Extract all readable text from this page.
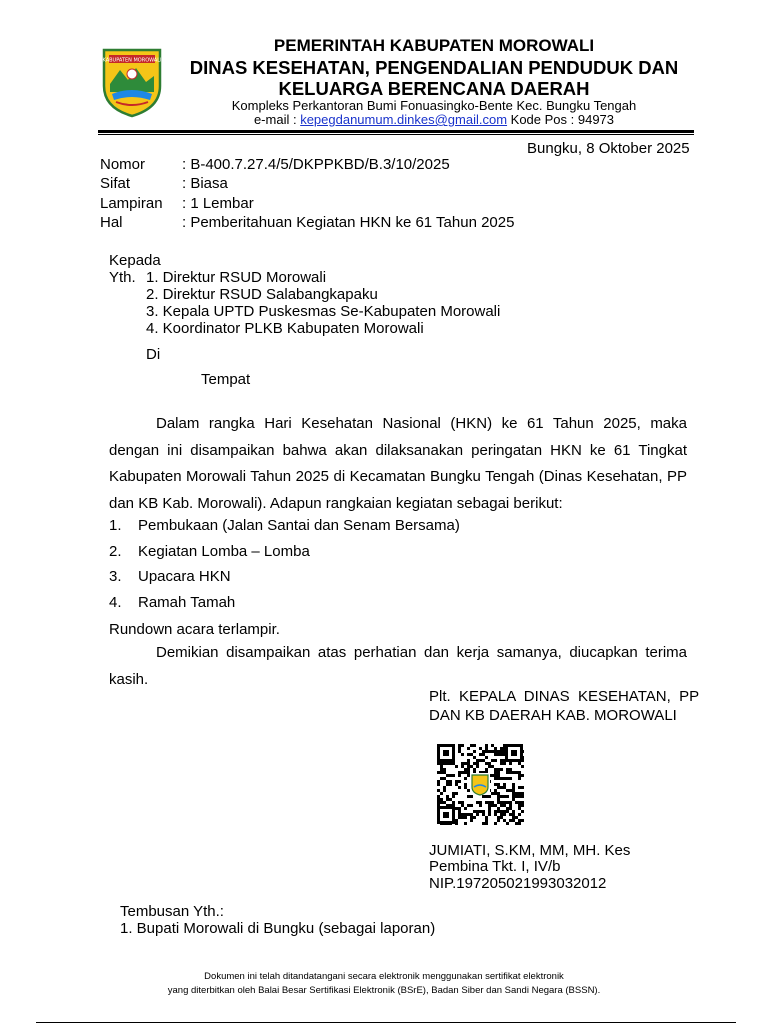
KABUPATEN MOROWALI
PEMERINTAH KABUPATEN MOROWALI
DINAS KESEHATAN, PENGENDALIAN PENDUDUK DAN
KELUARGA BERENCANA DAERAH
Kompleks Perkantoran Bumi Fonuasingko-Bente Kec. Bungku Tengah
e-mail : kepegdanumum.dinkes@gmail.com Kode Pos : 94973
Bungku, 8 Oktober 2025
Nomor : B-400.7.27.4/5/DKPPKBD/B.3/10/2025
Sifat	: Biasa
Lampiran : 1 Lembar
Hal	: Pemberitahuan Kegiatan HKN ke 61 Tahun 2025
Kepada
Yth. 1. Direktur RSUD Morowali
2. Direktur RSUD Salabangkapaku
3. Kepala UPTD Puskesmas Se-Kabupaten Morowali
4. Koordinator PLKB Kabupaten Morowali
Di
Tempat

Dalam rangka Hari Kesehatan Nasional (HKN) ke 61 Tahun 2025, maka dengan ini disampaikan bahwa akan dilaksanakan peringatan HKN ke 61 Tingkat Kabupaten Morowali Tahun 2025 di Kecamatan Bungku Tengah (Dinas Kesehatan, PP dan KB Kab. Morowali). Adapun rangkaian kegiatan sebagai berikut:

1. Pembukaan (Jalan Santai dan Senam Bersama)
2. Kegiatan Lomba – Lomba
3. Upacara HKN
4. Ramah Tamah
Rundown acara terlampir.

Demikian disampaikan atas perhatian dan kerja samanya, diucapkan terima kasih.

Plt.  KEPALA  DINAS  KESEHATAN,  PP
DAN KB DAERAH KAB. MOROWALI
JUMIATI, S.KM, MM, MH. Kes
Pembina Tkt. I, IV/b
NIP.197205021993032012
Tembusan Yth.:
1. Bupati Morowali di Bungku (sebagai laporan)
Dokumen ini telah ditandatangani secara elektronik menggunakan sertifikat elektronik
yang diterbitkan oleh Balai Besar Sertifikasi Elektronik (BSrE), Badan Siber dan Sandi Negara (BSSN).
